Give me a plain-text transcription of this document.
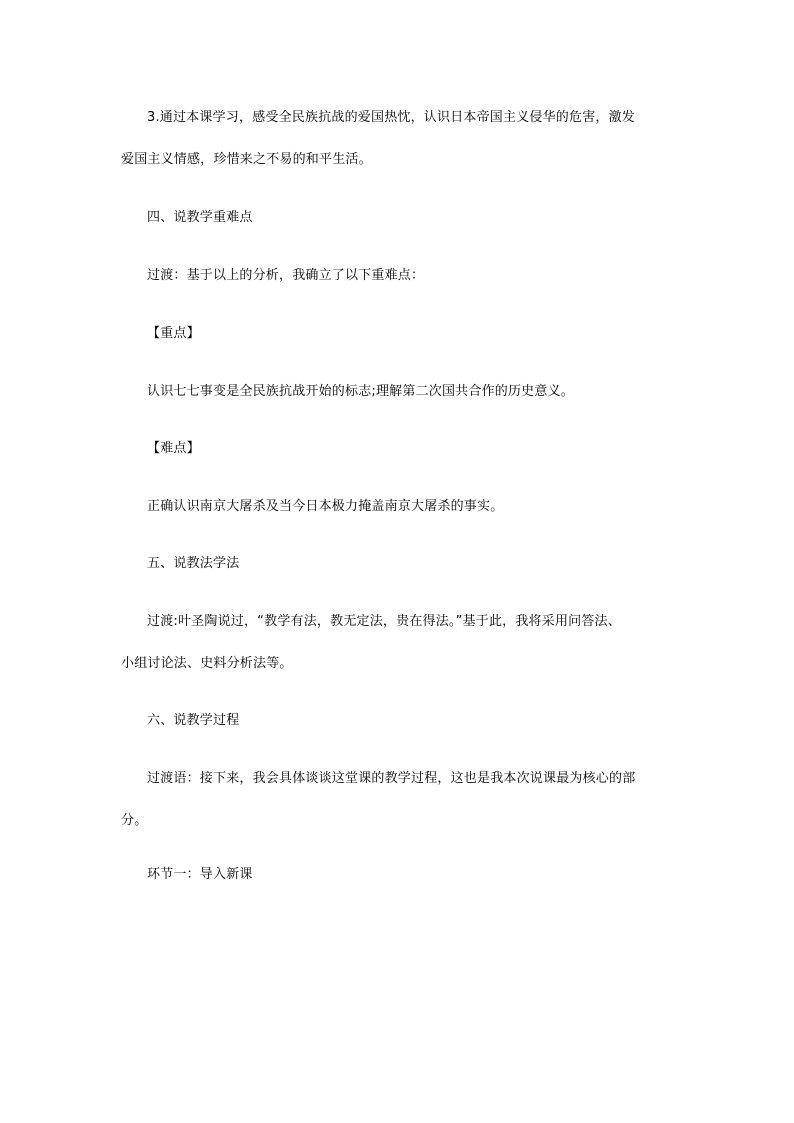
3.通过本课学习，感受全民族抗战的爱国热忱，认识日本帝国主义侵华的危害，激发
爱国主义情感，珍惜来之不易的和平生活。
四、说教学重难点
过渡：基于以上的分析，我确立了以下重难点：
【重点】
认识七七事变是全民族抗战开始的标志;理解第二次国共合作的历史意义。
【难点】
正确认识南京大屠杀及当今日本极力掩盖南京大屠杀的事实。
五、说教法学法
过渡:叶圣陶说过，“教学有法，教无定法，贵在得法。”基于此，我将采用问答法、
小组讨论法、史料分析法等。
六、说教学过程
过渡语：接下来，我会具体谈谈这堂课的教学过程，这也是我本次说课最为核心的部
分。
环节一：导入新课
